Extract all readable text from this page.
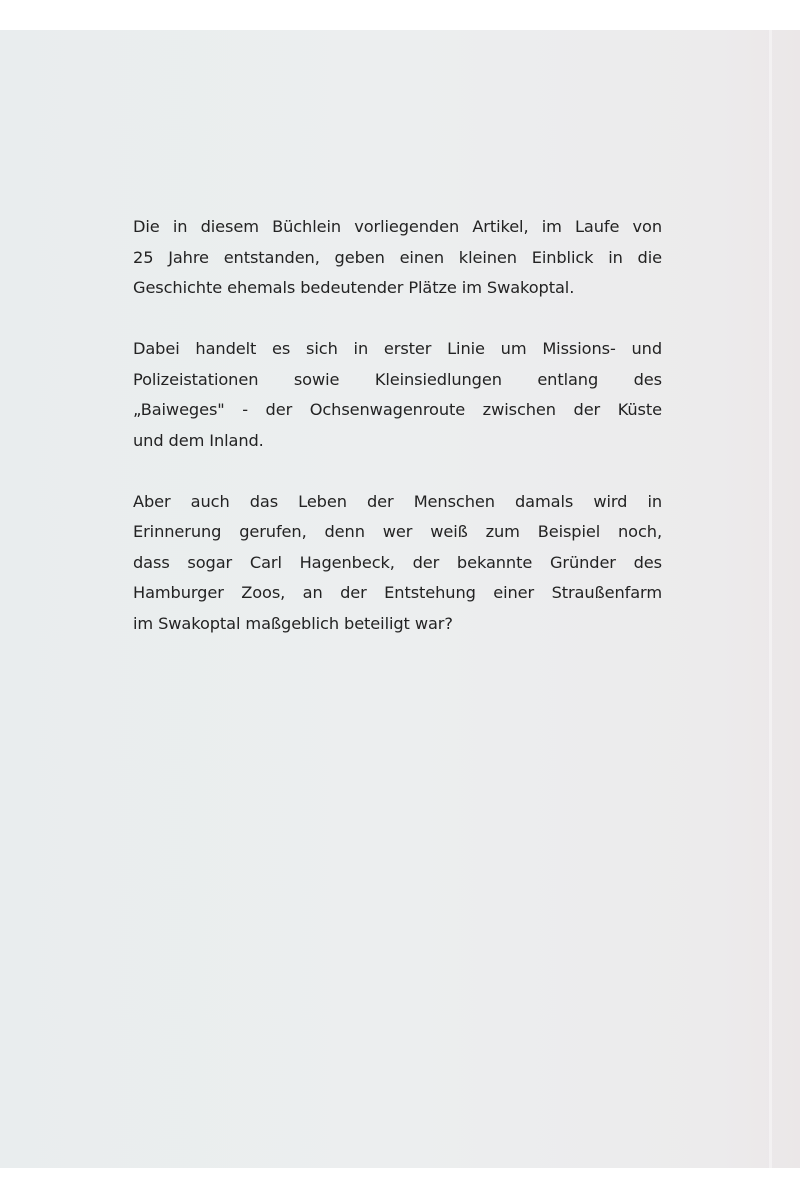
Die in diesem Büchlein vorliegenden Artikel, im Laufe von
25 Jahre entstanden, geben einen kleinen Einblick in die
Geschichte ehemals bedeutender Plätze im Swakoptal.

Dabei handelt es sich in erster Linie um Missions- und
Polizeistationen sowie Kleinsiedlungen entlang des
„Baiweges" - der Ochsenwagenroute zwischen der Küste
und dem Inland.

Aber auch das Leben der Menschen damals wird in
Erinnerung gerufen, denn wer weiß zum Beispiel noch,
dass sogar Carl Hagenbeck, der bekannte Gründer des
Hamburger Zoos, an der Entstehung einer Straußenfarm
im Swakoptal maßgeblich beteiligt war?
